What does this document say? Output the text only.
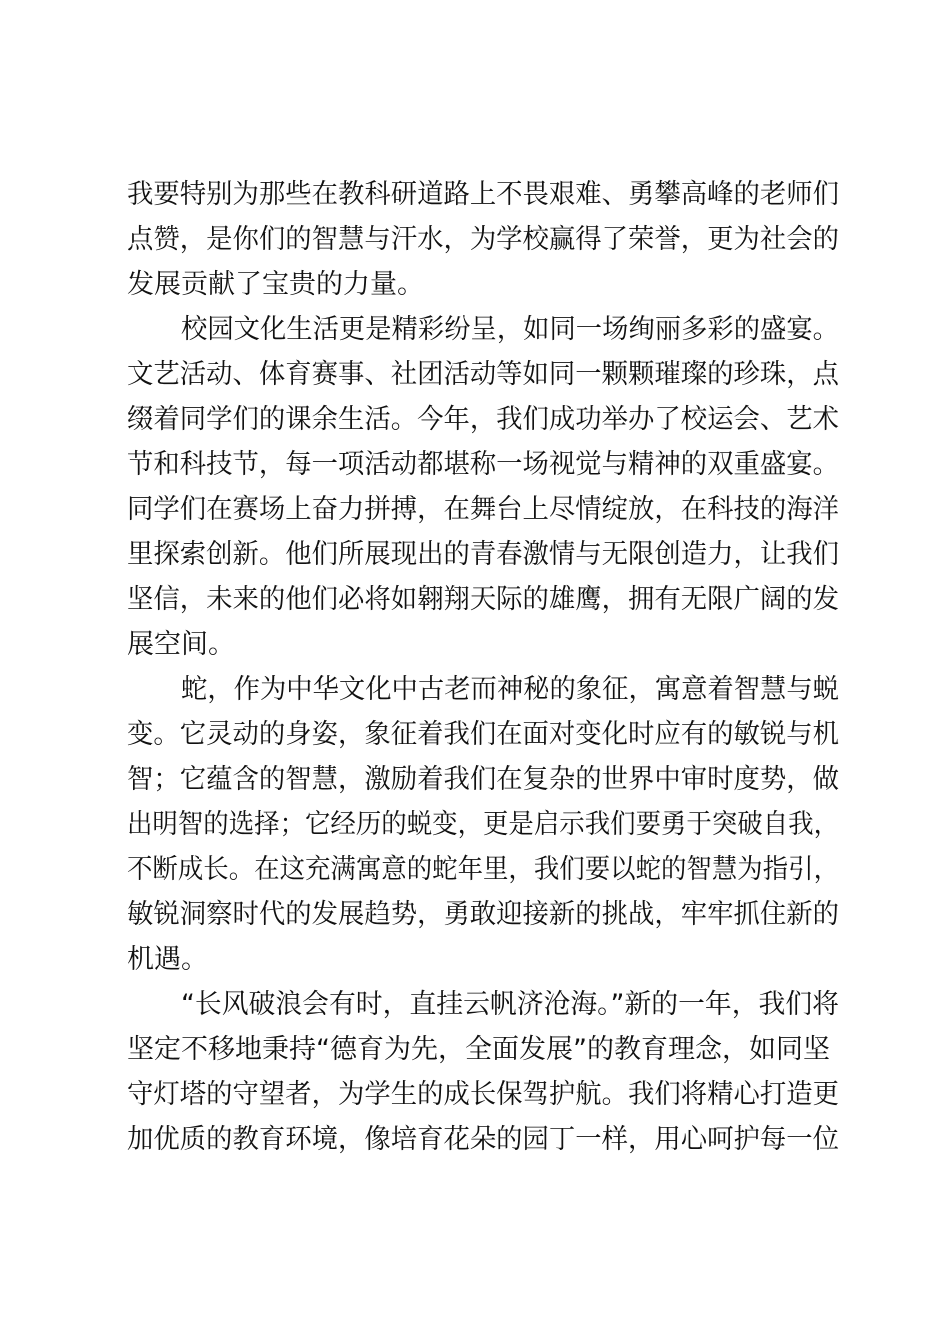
我要特别为那些在教科研道路上不畏艰难、勇攀高峰的老师们
点赞，是你们的智慧与汗水，为学校赢得了荣誉，更为社会的
发展贡献了宝贵的力量。
校园文化生活更是精彩纷呈，如同一场绚丽多彩的盛宴。
文艺活动、体育赛事、社团活动等如同一颗颗璀璨的珍珠，点
缀着同学们的课余生活。今年，我们成功举办了校运会、艺术
节和科技节，每一项活动都堪称一场视觉与精神的双重盛宴。
同学们在赛场上奋力拼搏，在舞台上尽情绽放，在科技的海洋
里探索创新。他们所展现出的青春激情与无限创造力，让我们
坚信，未来的他们必将如翱翔天际的雄鹰，拥有无限广阔的发
展空间。
蛇，作为中华文化中古老而神秘的象征，寓意着智慧与蜕
变。它灵动的身姿，象征着我们在面对变化时应有的敏锐与机
智；它蕴含的智慧，激励着我们在复杂的世界中审时度势，做
出明智的选择；它经历的蜕变，更是启示我们要勇于突破自我，
不断成长。在这充满寓意的蛇年里，我们要以蛇的智慧为指引，
敏锐洞察时代的发展趋势，勇敢迎接新的挑战，牢牢抓住新的
机遇。
“长风破浪会有时，直挂云帆济沧海。”新的一年，我们将
坚定不移地秉持“德育为先，全面发展”的教育理念，如同坚
守灯塔的守望者，为学生的成长保驾护航。我们将精心打造更
加优质的教育环境，像培育花朵的园丁一样，用心呵护每一位
